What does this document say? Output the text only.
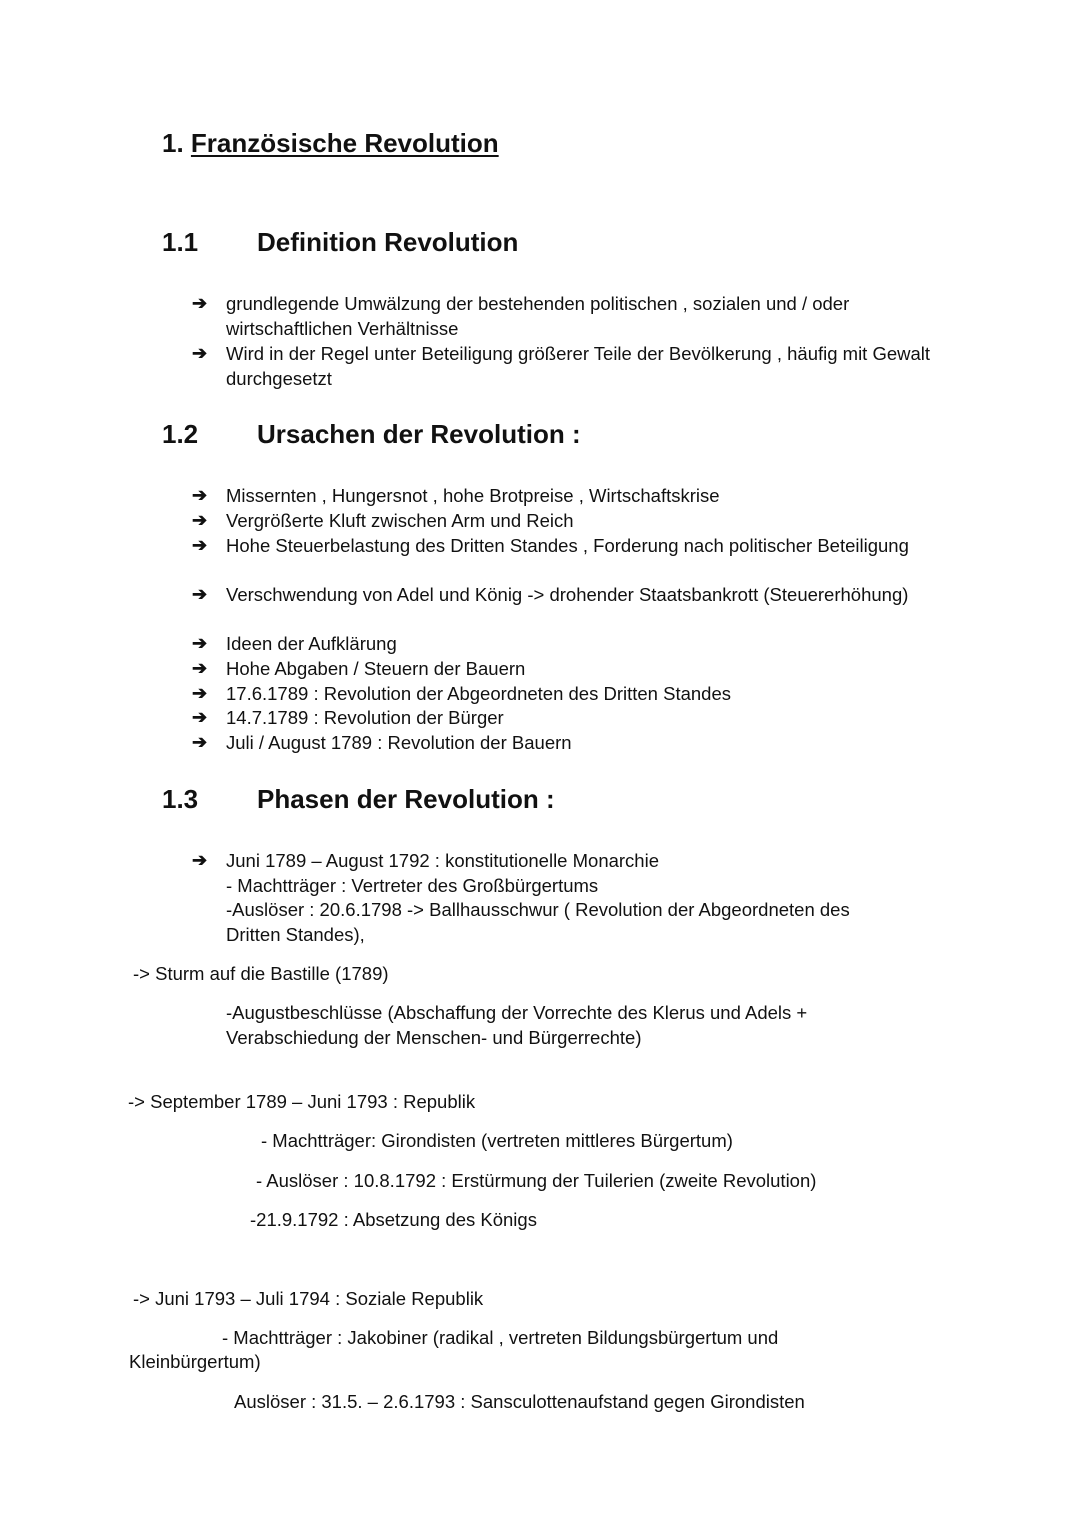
1. Französische Revolution
1.1 Definition Revolution
➔ grundlegende Umwälzung der bestehenden politischen , sozialen und / oder wirtschaftlichen Verhältnisse
➔ Wird in der Regel unter Beteiligung größerer Teile der Bevölkerung , häufig mit Gewalt durchgesetzt
1.2 Ursachen der Revolution :
➔ Missernten , Hungersnot , hohe Brotpreise , Wirtschaftskrise
➔ Vergrößerte Kluft zwischen Arm und Reich
➔ Hohe Steuerbelastung des Dritten Standes , Forderung nach politischer Beteiligung
➔ Verschwendung von Adel und König -> drohender Staatsbankrott (Steuererhöhung)
➔ Ideen der Aufklärung
➔ Hohe Abgaben / Steuern der Bauern
➔ 17.6.1789 : Revolution der Abgeordneten des Dritten Standes
➔ 14.7.1789 : Revolution der Bürger
➔ Juli / August 1789 : Revolution der Bauern
1.3 Phasen der Revolution :
➔ Juni 1789 – August 1792 : konstitutionelle Monarchie
- Machtträger : Vertreter des Großbürgertums
-Auslöser : 20.6.1798 -> Ballhausschwur ( Revolution der Abgeordneten des
Dritten Standes),
-> Sturm auf die Bastille (1789)
-Augustbeschlüsse (Abschaffung der Vorrechte des Klerus und Adels +
Verabschiedung der Menschen- und Bürgerrechte)
-> September 1789 – Juni 1793 : Republik
- Machtträger: Girondisten (vertreten mittleres Bürgertum)
- Auslöser : 10.8.1792 : Erstürmung der Tuilerien (zweite Revolution)
-21.9.1792 : Absetzung des Königs
-> Juni 1793 – Juli 1794 : Soziale Republik
- Machtträger : Jakobiner (radikal , vertreten Bildungsbürgertum und
Kleinbürgertum)
Auslöser : 31.5. – 2.6.1793 : Sansculottenaufstand gegen Girondisten
